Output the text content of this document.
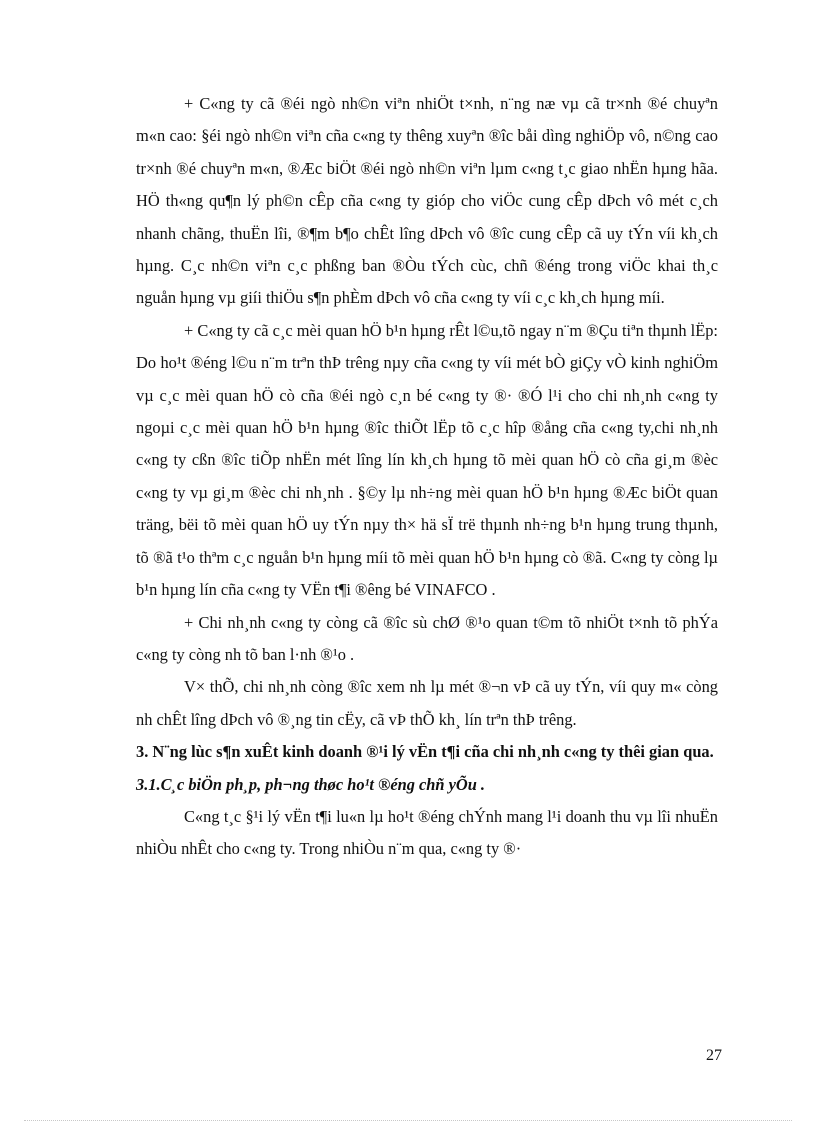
+ C«ng ty cã ®éi ngò nh©n viªn nhiÖt t×nh, n¨ng næ vµ cã tr×nh ®é chuyªn m«n cao: §éi ngò nh©n viªn cña c«ng ty thêng xuyªn ®îc båi dìng nghiÖp vô, n©ng cao tr×nh ®é chuyªn m«n, ®Æc biÖt ®éi ngò nh©n viªn lµm c«ng t¸c giao nhËn hµng hãa. HÖ th«ng qu¶n lý ph©n cÊp cña c«ng ty gióp cho viÖc cung cÊp dÞch vô mét c¸ch nhanh chãng, thuËn lîi, ®¶m b¶o chÊt lîng dÞch vô ®îc cung cÊp cã uy tÝn víi kh¸ch hµng. C¸c nh©n viªn c¸c phßng ban ®Òu tÝch cùc, chñ ®éng trong viÖc khai th¸c nguån hµng vµ giíi thiÖu s¶n phÈm dÞch vô cña c«ng ty víi c¸c kh¸ch hµng míi.

+ C«ng ty cã c¸c mèi quan hÖ b¹n hµng rÊt l©u,tõ ngay n¨m ®Çu tiªn thµnh lËp: Do ho¹t ®éng l©u n¨m trªn thÞ trêng nµy cña c«ng ty víi mét bÒ giÇy vÒ kinh nghiÖm vµ c¸c mèi quan hÖ cò cña ®éi ngò c¸n bé c«ng ty ®· ®Ó l¹i cho chi nh¸nh c«ng ty ngoµi c¸c mèi quan hÖ b¹n hµng ®îc thiÕt lËp tõ c¸c hîp ®ång cña c«ng ty,chi nh¸nh c«ng ty cßn ®îc tiÕp nhËn mét lîng lín kh¸ch hµng tõ mèi quan hÖ cò cña gi¸m ®èc c«ng ty vµ gi¸m ®èc chi nh¸nh . §©y lµ nh÷ng mèi quan hÖ b¹n hµng ®Æc biÖt quan träng, bëi tõ mèi quan hÖ uy tÝn nµy th× hä sÏ trë thµnh nh÷ng b¹n hµng trung thµnh, tõ ®ã t¹o thªm c¸c nguån b¹n hµng míi tõ mèi quan hÖ b¹n hµng cò ®ã. C«ng ty còng lµ b¹n hµng lín cña c«ng ty VËn t¶i ®êng bé VINAFCO .

+ Chi nh¸nh c«ng ty còng cã ®îc sù chØ ®¹o quan t©m tõ nhiÖt t×nh tõ phÝa c«ng ty còng nh tõ ban l·nh ®¹o .

V× thÕ, chi nh¸nh còng ®îc xem nh lµ mét ®¬n vÞ cã uy tÝn, víi quy m« còng nh chÊt lîng dÞch vô ®¸ng tin cËy, cã vÞ thÕ kh¸ lín trªn thÞ trêng.

3. N¨ng lùc s¶n xuÊt kinh doanh ®¹i lý vËn t¶i cña chi nh¸nh c«ng ty thêi gian qua.

3.1.C¸c biÖn ph¸p, ph¬ng thøc ho¹t ®éng chñ yÕu .

C«ng t¸c §¹i lý vËn t¶i lu«n lµ ho¹t ®éng chÝnh mang l¹i doanh thu vµ lîi nhuËn nhiÒu nhÊt cho c«ng ty. Trong nhiÒu n¨m qua, c«ng ty ®·

27
